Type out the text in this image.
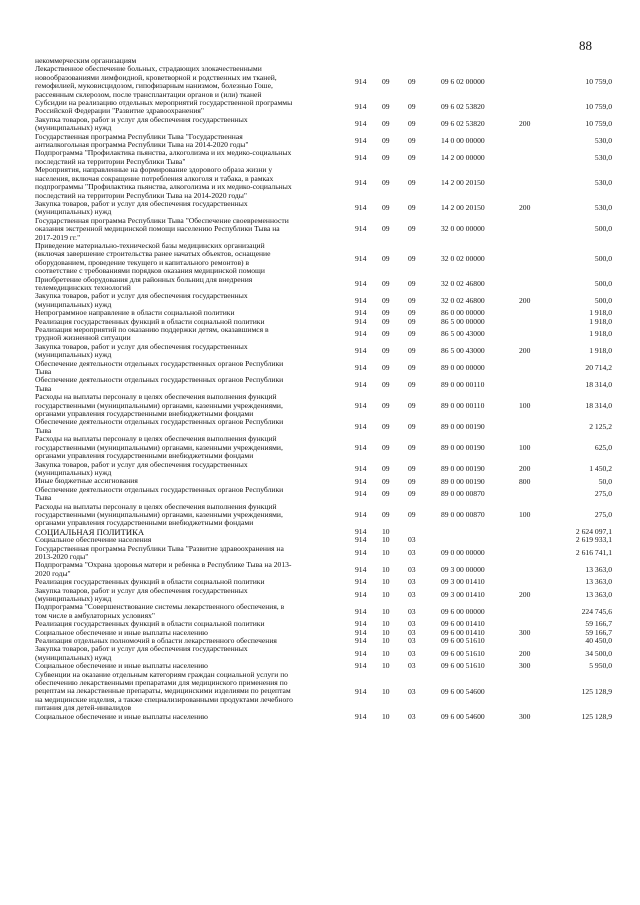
88
некоммерческим организациям
Лекарственное обеспечение больных, страдающих злокачественными
новообразованиями лимфоидной, кроветворной и родственных им тканей,
гемофилией, муковисцидозом, гипофизарным нанизмом, болезнью Гоше,
рассеянным склерозом, после трансплантации органов и (или) тканей
914 09 09	09 6 02 00000	10 759,0
Субсидии на реализацию отдельных мероприятий государственной программы
Российской Федерации "Развитие здравоохранения"	914 09 09	09 6 02 53820	10 759,0
Закупка товаров, работ и услуг для обеспечения государственных
(муниципальных) нужд	914 09 09	09 6 02 53820	200	10 759,0
Государственная программа Республики Тыва "Государственная
антиалкогольная программа Республики Тыва на 2014-2020 годы"	914 09 09	14 0 00 00000	530,0
Подпрограмма "Профилактика пьянства, алкоголизма и их медико-социальных
последствий на территории Республики Тыва"	914 09 09	14 2 00 00000	530,0
Мероприятия, направленные на формирование здорового образа жизни у
населения, включая сокращение потребления алкоголя и табака, в рамках
подпрограммы "Профилактика пьянства, алкоголизма и их медико-социальных
последствий на территории Республики Тыва на 2014-2020 годы"
914 09 09	14 2 00 20150	530,0
Закупка товаров, работ и услуг для обеспечения государственных
(муниципальных) нужд	914 09 09	14 2 00 20150	200	530,0
Государственная программа Республики Тыва "Обеспечение своевременности
оказания экстренной медицинской помощи населению Республики Тыва на
2017-2019 гг."
914 09 09	32 0 00 00000	500,0
Приведение материально-технической базы медицинских организаций
(включая завершение строительства ранее начатых объектов, оснащение
оборудованием, проведение текущего и капитального ремонтов) в
соответствие с требованиями порядков оказания медицинской помощи
914 09 09	32 0 02 00000	500,0
Приобретение оборудования для районных больниц для внедрения
телемедицинских технологий	914 09 09	32 0 02 46800	500,0
Закупка товаров, работ и услуг для обеспечения государственных
(муниципальных) нужд	914 09 09	32 0 02 46800	200	500,0
Непрограммное направление в области социальной политики	914 09 09	86 0 00 00000	1 918,0
Реализация государственных функций в области социальной политики	914 09 09	86 5 00 00000	1 918,0
Реализация мероприятий по оказанию поддержки детям, оказавшимся в
трудной жизненной ситуации	914 09 09	86 5 00 43000	1 918,0
Закупка товаров, работ и услуг для обеспечения государственных
(муниципальных) нужд	914 09 09	86 5 00 43000	200	1 918,0
Обеспечение деятельности отдельных государственных органов Республики
Тыва	914 09 09	89 0 00 00000	20 714,2
Обеспечение деятельности отдельных государственных органов Республики
Тыва	914 09 09	89 0 00 00110	18 314,0
Расходы на выплаты персоналу в целях обеспечения выполнения функций
государственными (муниципальными) органами, казенными учреждениями,
органами управления государственными внебюджетными фондами
914 09 09	89 0 00 00110	100	18 314,0
Обеспечение деятельности отдельных государственных органов Республики
Тыва	914 09 09	89 0 00 00190	2 125,2
Расходы на выплаты персоналу в целях обеспечения выполнения функций
государственными (муниципальными) органами, казенными учреждениями,
органами управления государственными внебюджетными фондами
914 09 09	89 0 00 00190	100	625,0
Закупка товаров, работ и услуг для обеспечения государственных
(муниципальных) нужд	914 09 09	89 0 00 00190	200	1 450,2
Иные бюджетные ассигнования	914 09 09	89 0 00 00190	800	50,0
Обеспечение деятельности отдельных государственных органов Республики
Тыва	914 09 09	89 0 00 00870	275,0
Расходы на выплаты персоналу в целях обеспечения выполнения функций
государственными (муниципальными) органами, казенными учреждениями,
органами управления государственными внебюджетными фондами
914 09 09	89 0 00 00870	100	275,0
СОЦИАЛЬНАЯ ПОЛИТИКА	914 10	2 624 097,1
Социальное обеспечение населения	914 10 03	2 619 933,1
Государственная программа Республики Тыва "Развитие здравоохранения на
2013-2020 годы"	914 10 03	09 0 00 00000	2 616 741,1
Подпрограмма "Охрана здоровья матери и ребенка в Республике Тыва на 2013-
2020 годы"	914 10 03	09 3 00 00000	13 363,0
Реализация государственных функций в области социальной политики	914 10 03	09 3 00 01410	13 363,0
Закупка товаров, работ и услуг для обеспечения государственных
(муниципальных) нужд	914 10 03	09 3 00 01410	200	13 363,0
Подпрограмма "Совершенствование системы лекарственного обеспечения, в
том числе в амбулаторных условиях"	914 10 03	09 6 00 00000	224 745,6
Реализация государственных функций в области социальной политики	914 10 03	09 6 00 01410	59 166,7
Социальное обеспечение и иные выплаты населению	914 10 03	09 6 00 01410	300	59 166,7
Реализация отдельных полномочий в области лекарственного обеспечения	914 10 03	09 6 00 51610	40 450,0
Закупка товаров, работ и услуг для обеспечения государственных
(муниципальных) нужд	914 10 03	09 6 00 51610	200	34 500,0
Социальное обеспечение и иные выплаты населению	914 10 03	09 6 00 51610	300	5 950,0
Субвенции на оказание отдельным категориям граждан социальной услуги по
обеспечению лекарственными препаратами для медицинского применения по
рецептам на лекарственные препараты, медицинскими изделиями по рецептам
на медицинские изделия, а также специализированными продуктами лечебного
питания для детей-инвалидов
914 10 03	09 6 00 54600	125 128,9
Социальное обеспечение и иные выплаты населению	914 10 03	09 6 00 54600	300	125 128,9
